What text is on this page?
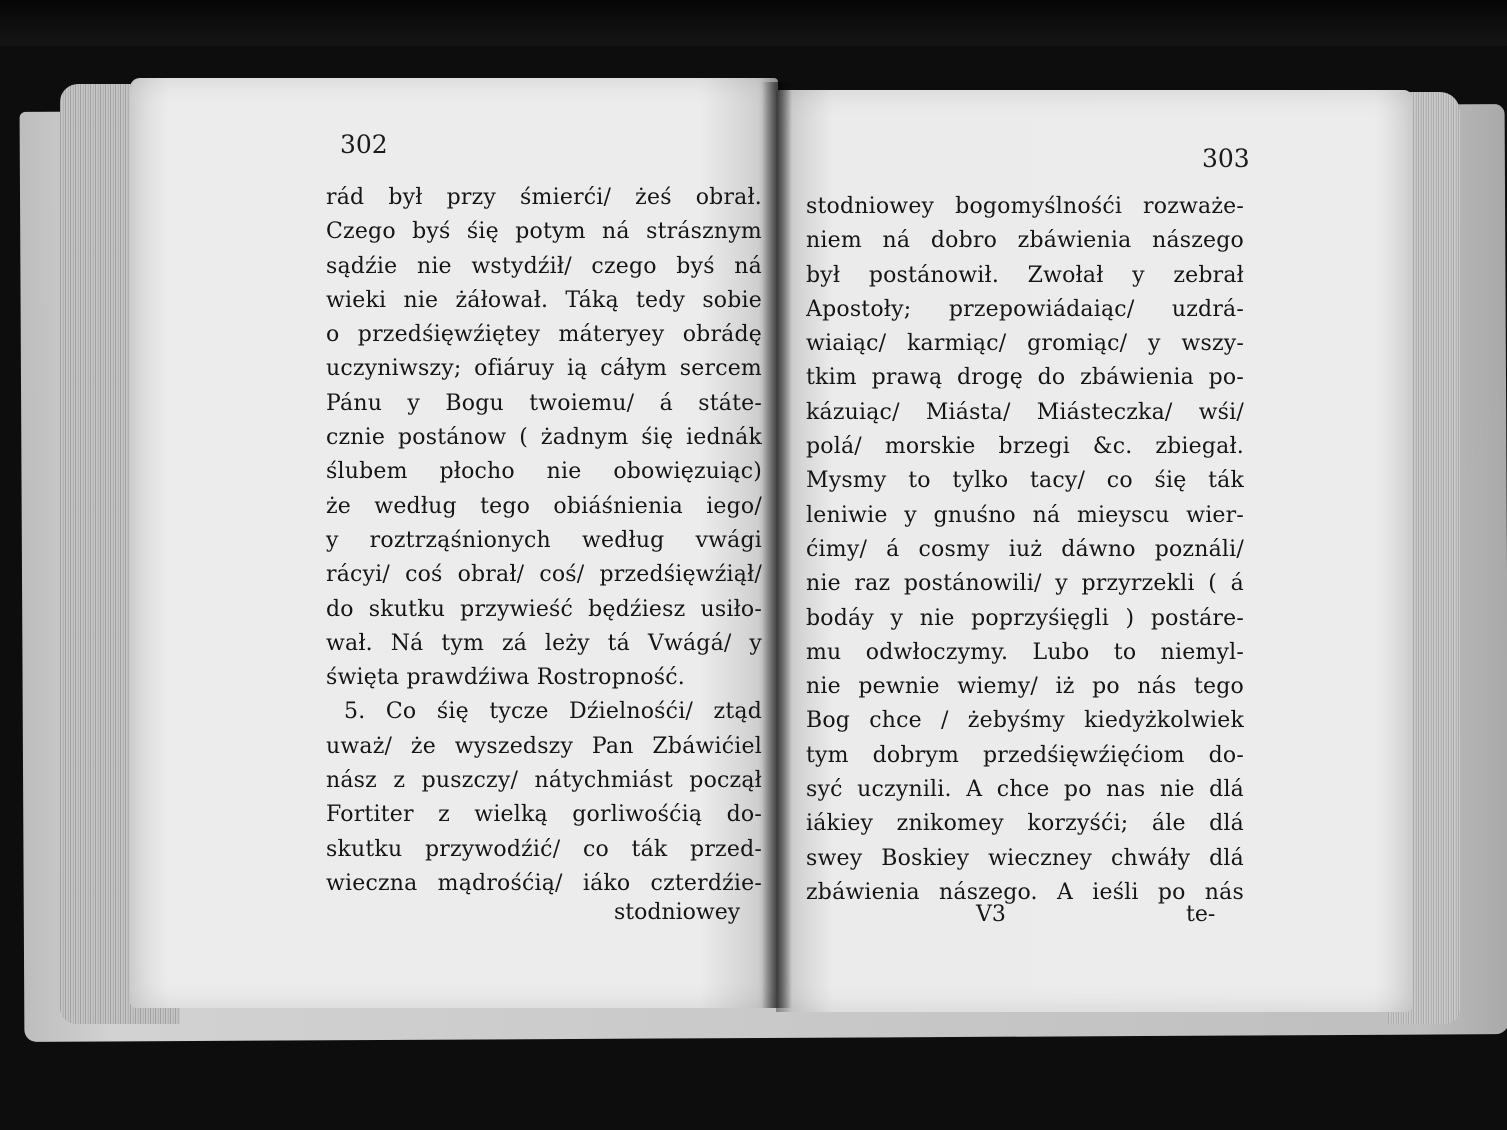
302
rád był przy śmierći/ żeś obrał.
Czego byś śię potym ná strásznym
sądźie nie wstydźił/ czego byś ná
wieki nie żáłował. Táką tedy sobie
o przedśięwźiętey máteryey obrádę
uczyniwszy; ofiáruy ią cáłym sercem
Pánu y Bogu twoiemu/ á státe-
cznie postánow ( żadnym śię iednák
ślubem płocho nie obowięzuiąc)
że według tego obiáśnienia iego/
y roztrząśnionych według vwági
rácyi/ coś obrał/ coś/ przedśięwźiął/
do skutku przywieść będźiesz usiło-
wał. Ná tym zá leży tá Vwágá/ y
święta prawdźiwa Rostropność.
5. Co śię tycze Dźielnośći/ ztąd
uważ/ że wyszedszy Pan Zbáwićiel
nász z puszczy/ nátychmiást począł
Fortiter z wielką gorliwośćią do-
skutku przywodźić/ co ták przed-
wieczna mądrośćią/ iáko czterdźie-
stodniowey
303
stodniowey bogomyślnośći rozważe-
niem ná dobro zbáwienia nászego
był postánowił. Zwołał y zebrał
Apostoły; przepowiádaiąc/ uzdrá-
wiaiąc/ karmiąc/ gromiąc/ y wszy-
tkim prawą drogę do zbáwienia po-
kázuiąc/ Miásta/ Miásteczka/ wśi/
polá/ morskie brzegi &c. zbiegał.
Mysmy to tylko tacy/ co śię ták
leniwie y gnuśno ná mieyscu wier-
ćimy/ á cosmy iuż dáwno poználi/
nie raz postánowili/ y przyrzekli ( á
bodáy y nie poprzyśięgli ) postáre-
mu odwłoczymy. Lubo to niemyl-
nie pewnie wiemy/ iż po nás tego
Bog chce / żebyśmy kiedyżkolwiek
tym dobrym przedśięwźięćiom do-
syć uczynili. A chce po nas nie dlá
iákiey znikomey korzyśći; ále dlá
swey Boskiey wieczney chwáły dlá
zbáwienia nászego. A ieśli po nás
V3	te-
